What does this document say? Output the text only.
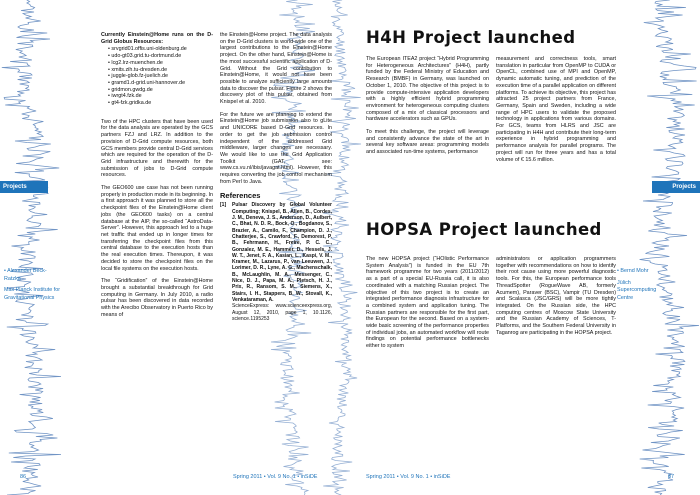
Projects	Projects
• Alexander Beck-Ratzka
Max Planck Institute for Gravitational Physics
• Bernd Mohr
Jülich Supercomputing Centre

Currently Einstein@Home runs on the D-Grid Globus Resources:

• srvgrid01.offis.uni-oldenburg.de
• udo-gt03.grid.tu-dortmund.de
• lcg2.lrz-muenchen.de
• xmits.zih.tu-dresden.de
• juggle-glob.fz-juelich.de
• gramd1.d-grid.uni-hannover.de
• gridmon.gwdg.de
• iwrgt4.fzk.de
• gt4-fzk.gridka.de

Two of the HPC clusters that have been used for the data analysis are operated by the GCS partners FZJ and LRZ. In addition to the provision of D-Grid compute resources, both GCS members provide central D-Grid services which are required for the operation of the D-Grid infrastructure and therewith for the submission of jobs to D-Grid compute resources.

The GEO600 use case has not been running properly in production mode in its beginning. In a first approach it was planned to store all the checkpoint files of the Einstein@Home client jobs (the GEO600 tasks) on a central database at the AIP, the so-called “AstroData-Server”. However, this approach led to a huge net traffic that ended up in longer times for transferring the checkpoint files from this central database to the execution hosts than the real execution times. Thereupon, it was decided to store the checkpoint files on the local file systems on the execution hosts.

The “Gridification” of the Einstein@Home brought a substantial breakthrough for Grid computing in Germany. In July 2010, a radio pulsar has been discovered in data recorded with the Arecibo Observatory in Puerto Rico by means of

the Einstein@Home project. The data analysis on the D-Grid clusters is world-wide one of the largest contributions to the Einstein@Home project. On the other hand, Einstein@Home is the most successful scientific application of D-Grid. Without the Grid contribution to Einstein@Home, it would not have been possible to analyze sufficiently large amounts data to discover the pulsar. Figure 2 shows the discovery plot of this pulsar, obtained from Knispel et al. 2010.

For the future we are planning to extend the Einstein@Home job submission also to gLite and UNICORE based D-Grid resources. In order to get the job submission control independent of the addressed Grid middleware, larger changes are necessary. We would like to use the Grid Application Toolkit (GAT, see: www.cs.vu.nl/ibis/javagat.html). However, this requires converting the job control mechanism from Perl to Java.

References
[1]	Pulsar Discovery by Global Volunteer Computing; Knispel, B., Allen, B., Cordes, J. M., Deneva, J. S., Anderson, D., Aulbert, C., Bhat, N. D. R., Bock, O., Bogdanov, S., Brazier, A., Camilo, F., Champion, D. J., Chatterjee, S., Crawford, F., Demorest, P. B., Fehrmann, H., Freire, P. C. C., Gonzalez, M. E., Hammer, D., Hessels, J. W. T., Jenet, F. A., Kasian, L., Kaspi, V. M., Kramer, M., Lazarus, P., van Leeuwen, J., Lorimer, D. R., Lyne, A. G., Machenschalk, B., McLaughlin, M. A., Messenger, C., Nice, D. J., Papa, M. A., Pletsch, H. J., Prix, R., Ransom, S. M., Siemens, X., Stairs, I. H., Stappers, B. W., Stovall, K., Venkataraman, A.
ScienceExpress: www.scienceexpress.org, August 12, 2010, page 1, 10.1126, science.1195253
H4H Project launched

The European ITEA2 project “Hybrid Programming for Heterogeneous Architectures” (H4H), partly funded by the Federal Ministry of Education and Research (BMBF) in Germany, was launched on October 1, 2010. The objective of this project is to provide compute-intensive application developers with a highly efficient hybrid programming environment for heterogeneous computing clusters composed of a mix of classical processors and hardware accelerators such as GPUs.

To meet this challenge, the project will leverage and consistently advance the state of the art in several key software areas: programming models and associated run-time systems, performance

measurement and correctness tools, smart translation in particular from OpenMP to CUDA or OpenCL, combined use of MPI and OpenMP, dynamic automatic tuning, and prediction of the execution time of a parallel application on different platforms. To achieve its objective, this project has attracted 25 project partners from France, Germany, Spain and Sweden, including a wide range of HPC users to validate the proposed technology in applications from various domains. For GCS, teams from HLRS and JSC are participating in H4H and contribute their long-term experience in hybrid programming and performance analysis for parallel programs. The project will run for three years and has a total volume of € 15.6 million.

HOPSA Project launched

The new HOPSA project (“HOlistic Performance System Analysis”) is funded in the EU 7th framework programme for two years (2011/2012) as a part of a special EU-Russia call, it is also coordinated with a matching Russian project. The objective of this two project is to create an integrated performance diagnosis infrastructure for a combined system and application tuning. The Russian partners are responsible for the first part, the European for the second. Based on a system-wide basic screening of the performance properties of individual jobs, an automated workflow will route findings on potential performance bottlenecks either to system

administrators or application programmers together with recommendations on how to identify their root cause using more powerful diagnostic tools. For this, the European performance tools ThreadSpotter (RogueWave AB, formerly Acumem), Paraver (BSC), Vampir (TU Dresden) and Scalasca (JSC/GRS) will be more tightly integrated. On the Russian side, the HPC computing centres of Moscow State University and the Russian Academy of Sciences, T-Platforms, and the Southern Federal University in Taganrog are participating in the HOPSA project.

86	Spring 2011 • Vol. 9 No. 1 • inSiDE	Spring 2011 • Vol. 9 No. 1 • inSiDE	87
